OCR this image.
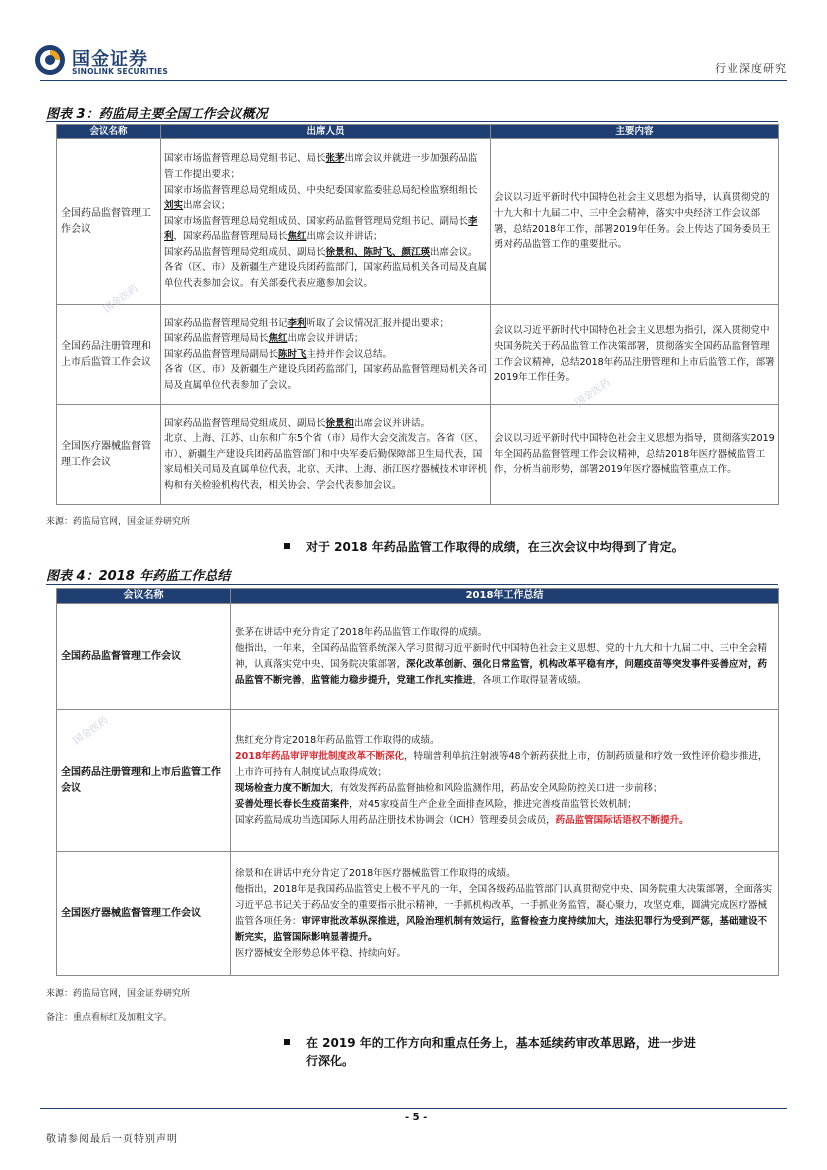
国金证券
SINOLINK SECURITIES	行业深度研究
图表 3：药监局主要全国工作会议概况
会议名称	出席人员	主要内容
全国药品监督管理工作会议	国家市场监督管理总局党组书记、局长张茅出席会议并就进一步加强药品监管工作提出要求；
国家市场监督管理总局党组成员、中央纪委国家监委驻总局纪检监察组组长刘实出席会议；
国家市场监督管理总局党组成员、国家药品监督管理局党组书记、副局长李利，国家药品监督管理局局长焦红出席会议并讲话；
国家药品监督管理局党组成员、副局长徐景和、陈时飞、颜江瑛出席会议。
各省（区、市）及新疆生产建设兵团药监部门，国家药监局机关各司局及直属单位代表参加会议。有关部委代表应邀参加会议。	会议以习近平新时代中国特色社会主义思想为指导，认真贯彻党的十九大和十九届二中、三中全会精神，落实中央经济工作会议部署，总结2018年工作，部署2019年任务。会上传达了国务委员王勇对药品监管工作的重要批示。
全国药品注册管理和上市后监管工作会议	国家药品监督管理局党组书记李利听取了会议情况汇报并提出要求；
国家药品监督管理局局长焦红出席会议并讲话；
国家药品监督管理局副局长陈时飞主持并作会议总结。
各省（区、市）及新疆生产建设兵团药监部门，国家药品监督管理局机关各司局及直属单位代表参加了会议。	会议以习近平新时代中国特色社会主义思想为指引，深入贯彻党中央国务院关于药品监管工作决策部署，贯彻落实全国药品监督管理工作会议精神，总结2018年药品注册管理和上市后监管工作，部署2019年工作任务。
全国医疗器械监督管理工作会议	国家药品监督管理局党组成员、副局长徐景和出席会议并讲话。
北京、上海、江苏、山东和广东5个省（市）局作大会交流发言。各省（区、市）、新疆生产建设兵团药品监管部门和中央军委后勤保障部卫生局代表，国家局相关司局及直属单位代表，北京、天津、上海、浙江医疗器械技术审评机构和有关检验机构代表，相关协会、学会代表参加会议。	会议以习近平新时代中国特色社会主义思想为指导，贯彻落实2019年全国药品监督管理工作会议精神，总结2018年医疗器械监管工作，分析当前形势，部署2019年医疗器械监管重点工作。
国金医药
国金医药
来源：药监局官网，国金证券研究所
对于 2018 年药品监管工作取得的成绩，在三次会议中均得到了肯定。
图表 4：2018 年药监工作总结
会议名称	2018年工作总结
全国药品监督管理工作会议	张茅在讲话中充分肯定了2018年药品监管工作取得的成绩。
他指出，一年来，全国药品监管系统深入学习贯彻习近平新时代中国特色社会主义思想、党的十九大和十九届二中、三中全会精神，认真落实党中央、国务院决策部署，深化改革创新、强化日常监管，机构改革平稳有序，问题疫苗等突发事件妥善应对，药品监管不断完善，监管能力稳步提升，党建工作扎实推进，各项工作取得显著成绩。
全国药品注册管理和上市后监管工作会议	焦红充分肯定2018年药品监管工作取得的成绩。
2018年药品审评审批制度改革不断深化，特瑞普利单抗注射液等48个新药获批上市，仿制药质量和疗效一致性评价稳步推进，上市许可持有人制度试点取得成效；
现场检查力度不断加大，有效发挥药品监督抽检和风险监测作用，药品安全风险防控关口进一步前移；
妥善处理长春长生疫苗案件，对45家疫苗生产企业全面排查风险，推进完善疫苗监管长效机制；
国家药监局成功当选国际人用药品注册技术协调会（ICH）管理委员会成员，药品监管国际话语权不断提升。
全国医疗器械监督管理工作会议	徐景和在讲话中充分肯定了2018年医疗器械监管工作取得的成绩。
他指出，2018年是我国药品监管史上极不平凡的一年，全国各级药品监管部门认真贯彻党中央、国务院重大决策部署，全面落实习近平总书记关于药品安全的重要指示批示精神，一手抓机构改革，一手抓业务监管，凝心聚力，攻坚克难，圆满完成医疗器械监管各项任务：审评审批改革纵深推进，风险治理机制有效运行，监督检查力度持续加大，违法犯罪行为受到严惩，基础建设不断完实，监管国际影响显著提升。
医疗器械安全形势总体平稳、持续向好。
国金医药
来源：药监局官网，国金证券研究所
备注：重点看标红及加粗文字。
在 2019 年的工作方向和重点任务上，基本延续药审改革思路，进一步进
行深化。
- 5 -
敬请参阅最后一页特别声明
